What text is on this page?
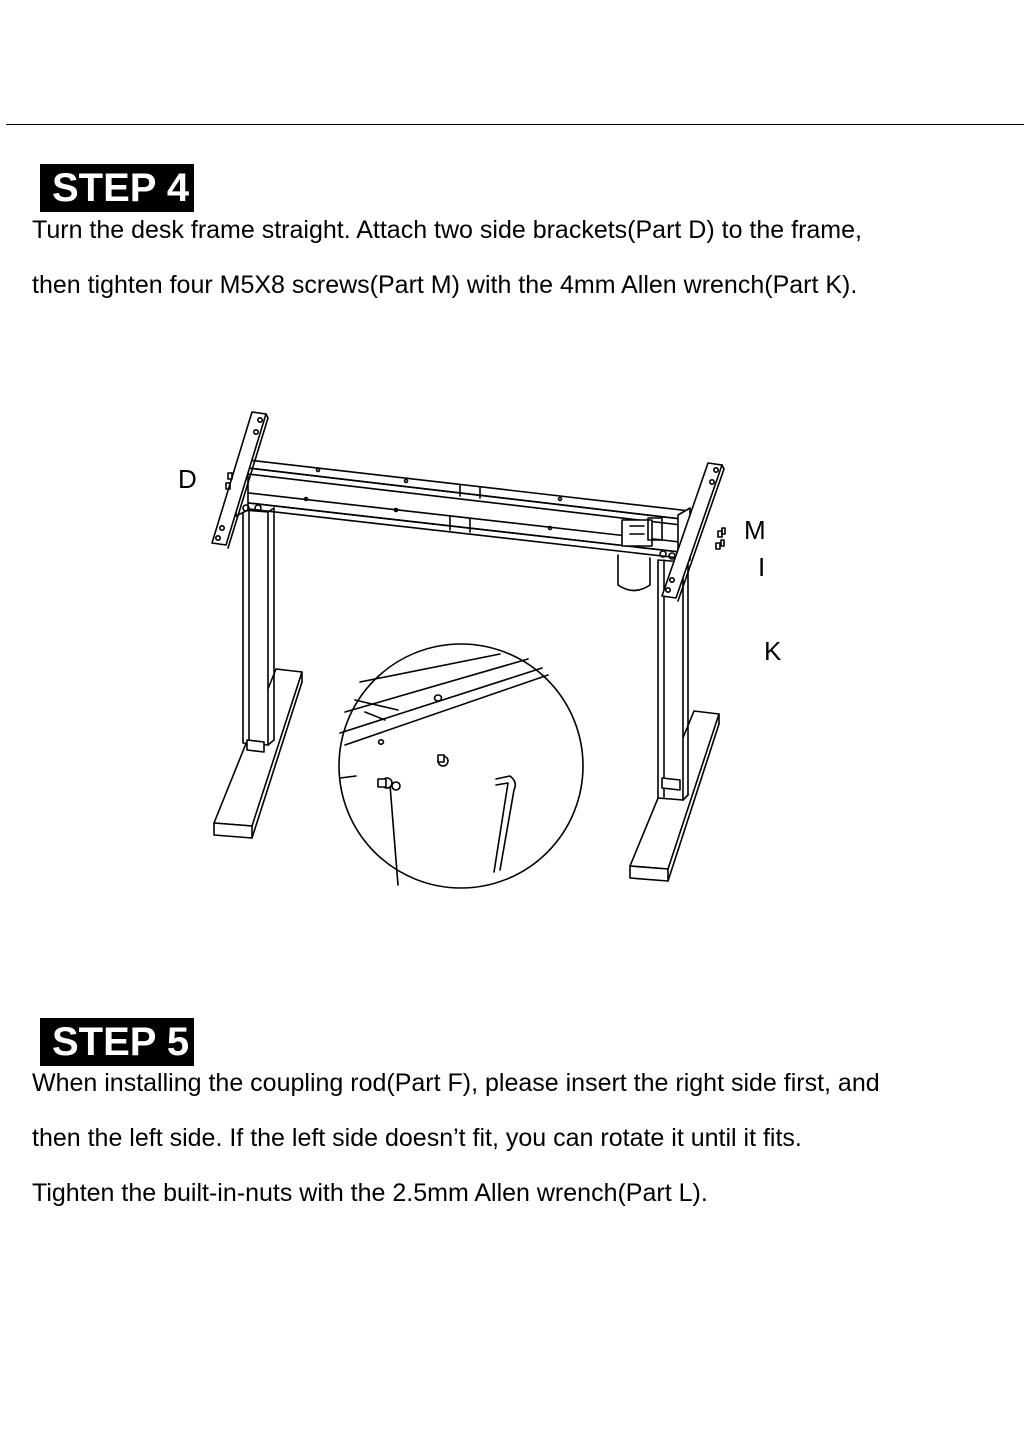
STEP 4
Turn the desk frame straight. Attach two side brackets(Part D) to the frame,
then tighten four M5X8 screws(Part M) with the 4mm Allen wrench(Part K).
D
M
I
K
STEP 5
When installing the coupling rod(Part F), please insert the right side first, and
then the left side. If the left side doesn’t fit, you can rotate it until it fits.
Tighten the built-in-nuts with the 2.5mm Allen wrench(Part L).
